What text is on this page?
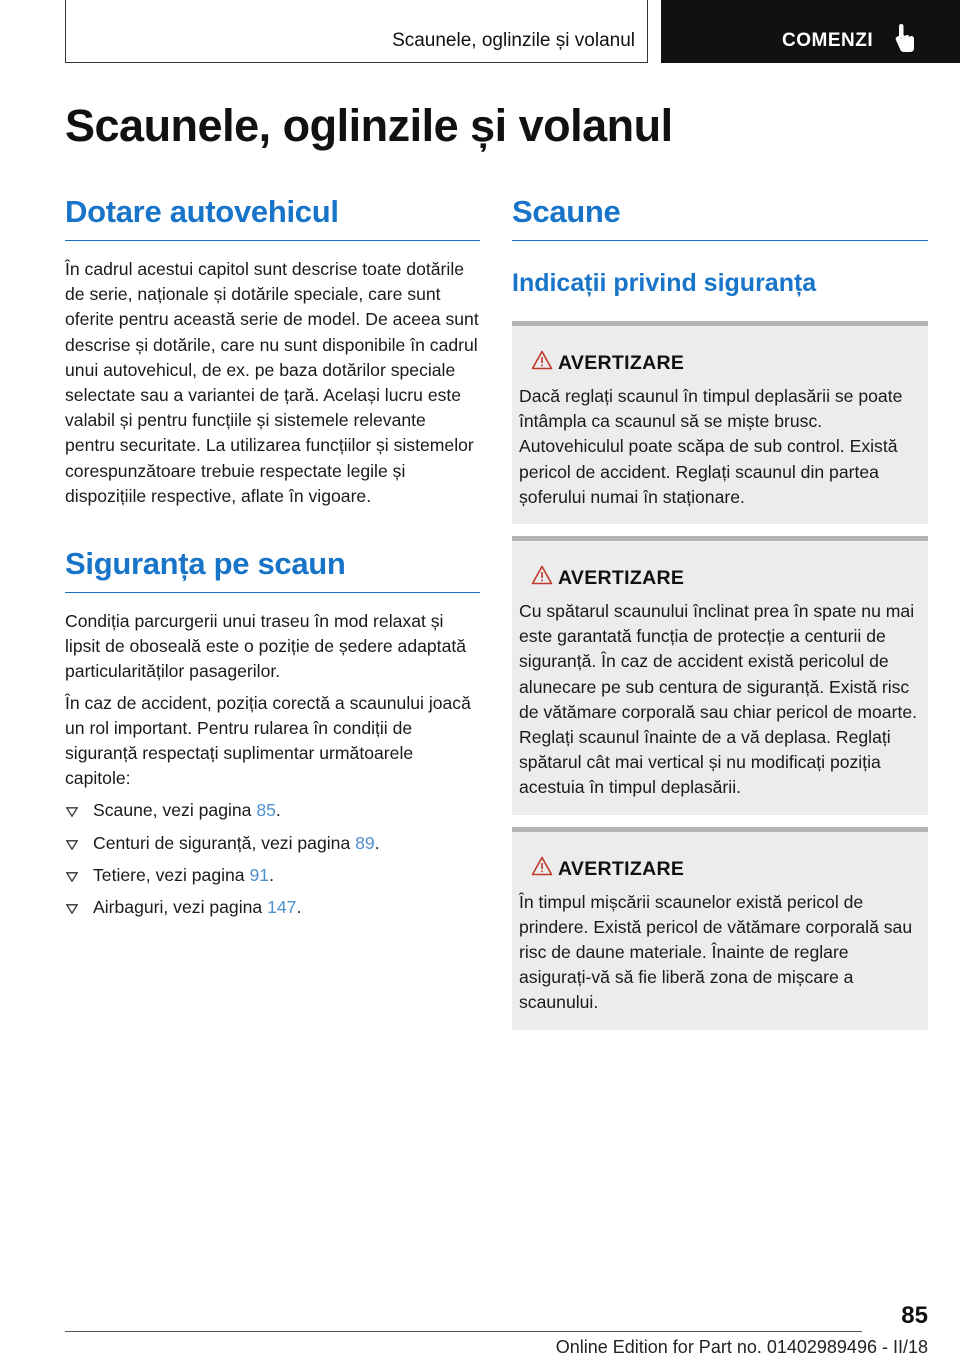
Scaunele, oglinzile și volanul	COMENZI
Scaunele, oglinzile și volanul
Dotare autovehicul

În cadrul acestui capitol sunt descrise toate dotările de serie, naționale și dotările speciale, care sunt oferite pentru această serie de model. De aceea sunt descrise și dotările, care nu sunt disponibile în cadrul unui autovehicul, de ex. pe baza dotărilor speciale selectate sau a variantei de țară. Același lucru este valabil și pentru funcțiile și sistemele relevante pentru securitate. La utilizarea funcțiilor și sistemelor corespunzătoare trebuie respectate legile și dispozițiile respective, aflate în vigoare.

Siguranța pe scaun

Condiția parcurgerii unui traseu în mod relaxat și lipsit de oboseală este o poziție de ședere adaptată particularităților pasagerilor.

În caz de accident, poziția corectă a scaunului joacă un rol important. Pentru rularea în condiții de siguranță respectați suplimentar următoarele capitole:

Scaune, vezi pagina 85.
Centuri de siguranță, vezi pagina 89.
Tetiere, vezi pagina 91.
Airbaguri, vezi pagina 147.
Scaune
Indicații privind siguranța
AVERTIZARE

Dacă reglați scaunul în timpul deplasării se poate întâmpla ca scaunul să se miște brusc. Autovehiculul poate scăpa de sub control. Există pericol de accident. Reglați scaunul din partea șoferului numai în staționare.

AVERTIZARE

Cu spătarul scaunului înclinat prea în spate nu mai este garantată funcția de protecție a centurii de siguranță. În caz de accident există pericolul de alunecare pe sub centura de siguranță. Există risc de vătămare corporală sau chiar pericol de moarte. Reglați scaunul înainte de a vă deplasa. Reglați spătarul cât mai vertical și nu modificați poziția acestuia în timpul deplasării.

AVERTIZARE

În timpul mișcării scaunelor există pericol de prindere. Există pericol de vătămare corporală sau risc de daune materiale. Înainte de reglare asigurați-vă să fie liberă zona de mișcare a scaunului.

85
Online Edition for Part no. 01402989496 - II/18
